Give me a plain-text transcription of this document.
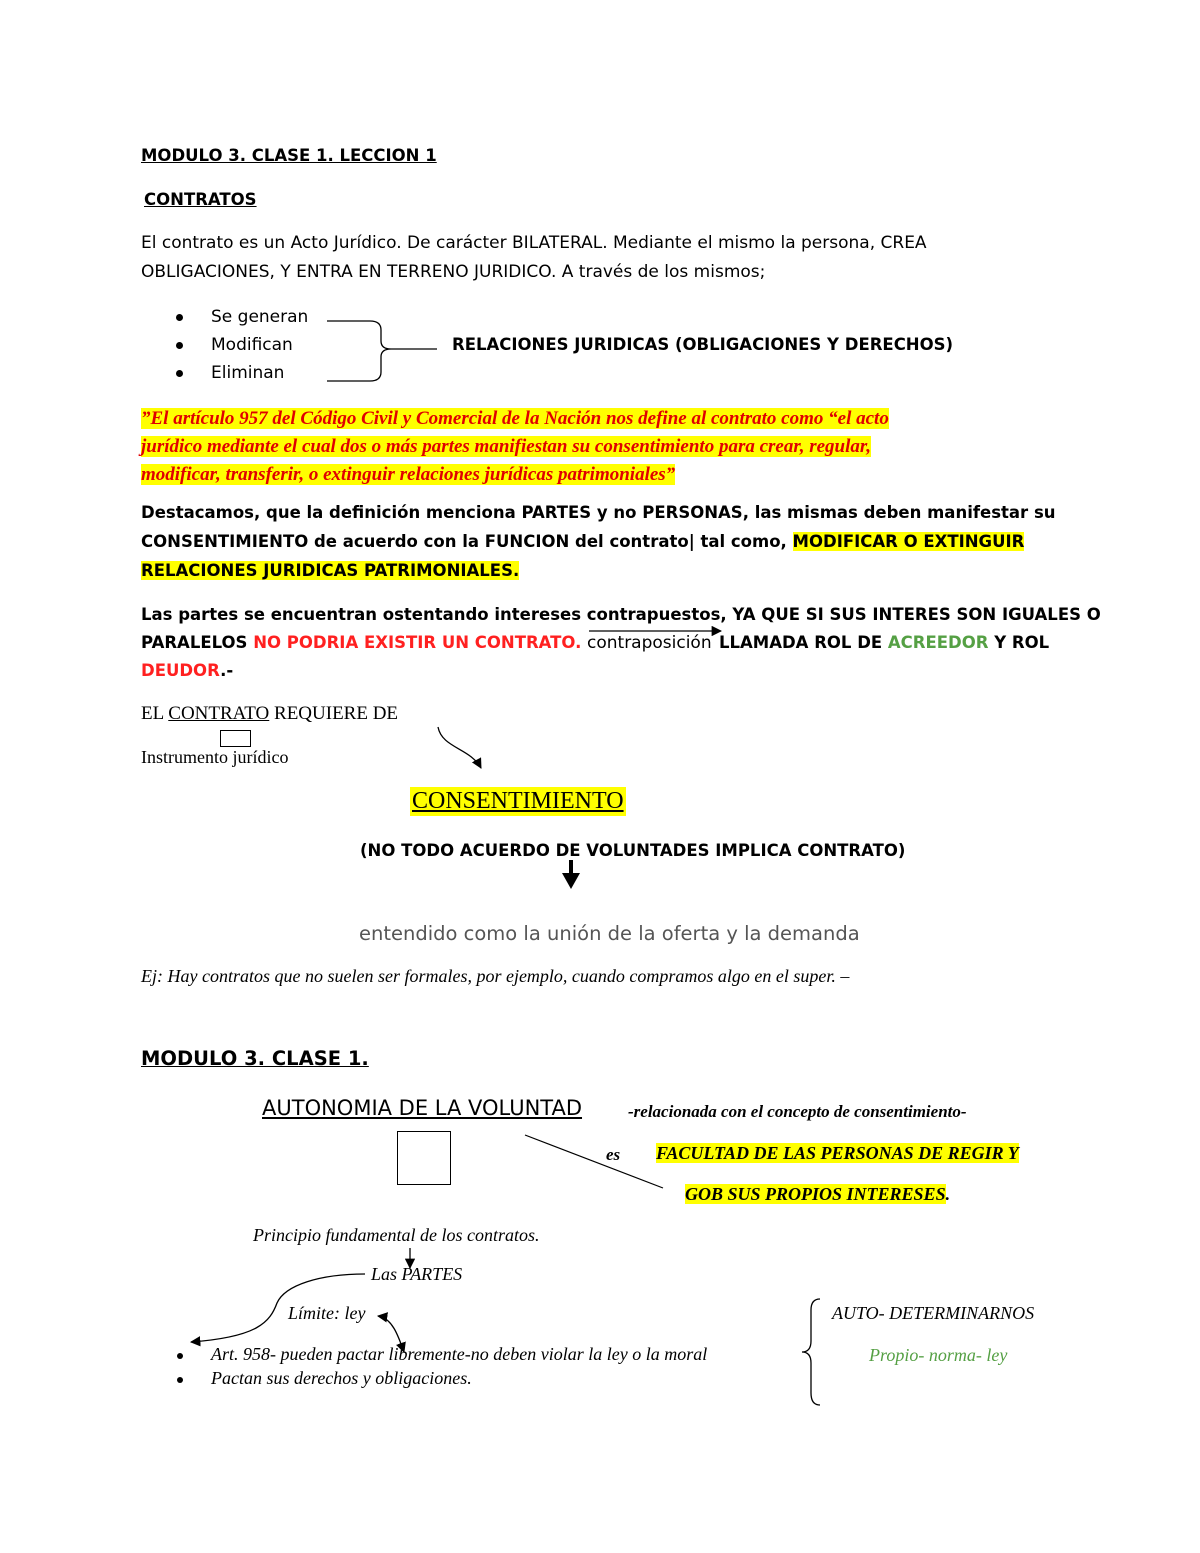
MODULO 3. CLASE 1. LECCION 1
CONTRATOS
El contrato es un Acto Jurídico. De carácter BILATERAL. Mediante el mismo la persona, CREA
OBLIGACIONES, Y ENTRA EN TERRENO JURIDICO. A través de los mismos;
Se generan
Modifican
Eliminan
RELACIONES JURIDICAS (OBLIGACIONES Y DERECHOS)
”El artículo 957 del Código Civil y Comercial de la Nación nos define al contrato como “el acto
jurídico mediante el cual dos o más partes manifiestan su consentimiento para crear, regular,
modificar, transferir, o extinguir relaciones jurídicas patrimoniales”
Destacamos, que la definición menciona PARTES y no PERSONAS, las mismas deben manifestar su
CONSENTIMIENTO de acuerdo con la FUNCION del contrato| tal como, MODIFICAR O EXTINGUIR
RELACIONES JURIDICAS PATRIMONIALES.
Las partes se encuentran ostentando intereses contrapuestos, YA QUE SI SUS INTERES SON IGUALES O
PARALELOS NO PODRIA EXISTIR UN CONTRATO. contraposición LLAMADA ROL DE ACREEDOR Y ROL
DEUDOR.-
EL CONTRATO REQUIERE DE
Instrumento jurídico
CONSENTIMIENTO
(NO TODO ACUERDO DE VOLUNTADES IMPLICA CONTRATO)
entendido como la unión de la oferta y la demanda
Ej: Hay contratos que no suelen ser formales, por ejemplo, cuando compramos algo en el super. –
MODULO 3. CLASE 1.
AUTONOMIA DE LA VOLUNTAD	-relacionada con el concepto de consentimiento-
es FACULTAD DE LAS PERSONAS DE REGIR Y
GOB SUS PROPIOS INTERESES.
Principio fundamental de los contratos.
Las PARTES
Límite: ley	AUTO- DETERMINARNOS
Propio- norma- ley
Art. 958- pueden pactar libremente-no deben violar la ley o la moral
Pactan sus derechos y obligaciones.
